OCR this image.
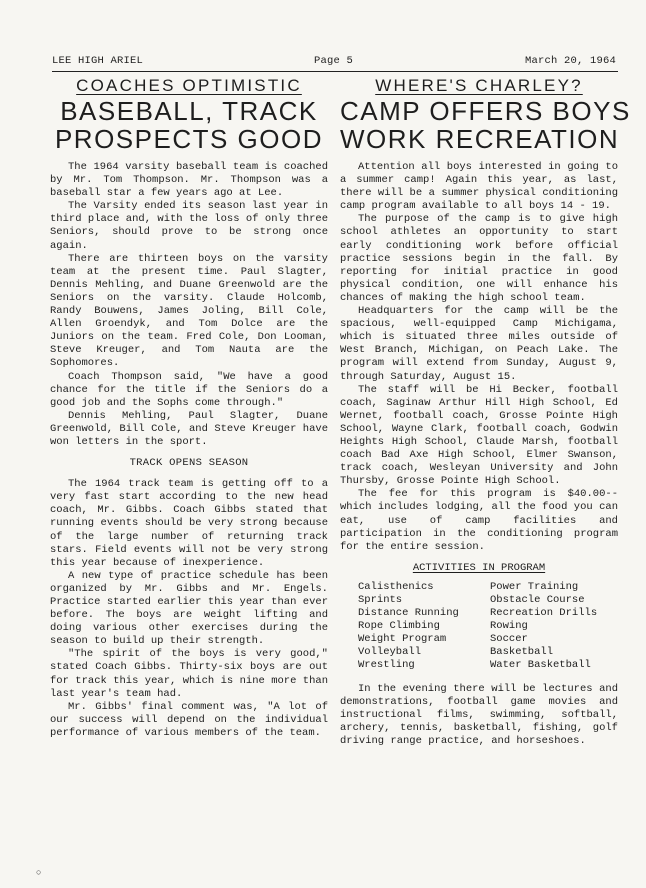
LEE HIGH ARIEL	Page 5	March 20, 1964
COACHES OPTIMISTIC
BASEBALL, TRACK
PROSPECTS GOOD

The 1964 varsity baseball team is coached by Mr. Tom Thompson. Mr. Thompson was a baseball star a few years ago at Lee.

The Varsity ended its season last year in third place and, with the loss of only three Seniors, should prove to be strong once again.

There are thirteen boys on the varsity team at the present time. Paul Slagter, Dennis Mehling, and Duane Greenwold are the Seniors on the varsity. Claude Holcomb, Randy Bouwens, James Joling, Bill Cole, Allen Groendyk, and Tom Dolce are the Juniors on the team. Fred Cole, Don Looman, Steve Kreuger, and Tom Nauta are the Sophomores.

Coach Thompson said, "We have a good chance for the title if the Seniors do a good job and the Sophs come through."

Dennis Mehling, Paul Slagter, Duane Greenwold, Bill Cole, and Steve Kreuger have won letters in the sport.

TRACK OPENS SEASON

The 1964 track team is getting off to a very fast start according to the new head coach, Mr. Gibbs. Coach Gibbs stated that running events should be very strong because of the large number of returning track stars. Field events will not be very strong this year because of inexperience.

A new type of practice schedule has been organized by Mr. Gibbs and Mr. Engels. Practice started earlier this year than ever before. The boys are weight lifting and doing various other exercises during the season to build up their strength.

"The spirit of the boys is very good," stated Coach Gibbs. Thirty-six boys are out for track this year, which is nine more than last year's team had.

Mr. Gibbs' final comment was, "A lot of our success will depend on the individual performance of various members of the team.

WHERE'S CHARLEY?
CAMP OFFERS BOYS
WORK RECREATION

Attention all boys interested in going to a summer camp! Again this year, as last, there will be a summer physical conditioning camp program available to all boys 14 - 19.

The purpose of the camp is to give high school athletes an opportunity to start early conditioning work before official practice sessions begin in the fall. By reporting for initial practice in good physical condition, one will enhance his chances of making the high school team.

Headquarters for the camp will be the spacious, well-equipped Camp Michigama, which is situated three miles outside of West Branch, Michigan, on Peach Lake. The program will extend from Sunday, August 9, through Saturday, August 15.

The staff will be Hi Becker, football coach, Saginaw Arthur Hill High School, Ed Wernet, football coach, Grosse Pointe High School, Wayne Clark, football coach, Godwin Heights High School, Claude Marsh, football coach Bad Axe High School, Elmer Swanson, track coach, Wesleyan University and John Thursby, Grosse Pointe High School.

The fee for this program is $40.00-- which includes lodging, all the food you can eat, use of camp facilities and participation in the conditioning program for the entire session.

ACTIVITIES IN PROGRAM
Calisthenics	Power Training
Sprints	Obstacle Course
Distance Running	Recreation Drills
Rope Climbing	Rowing
Weight Program	Soccer
Volleyball	Basketball
Wrestling	Water Basketball

In the evening there will be lectures and demonstrations, football game movies and instructional films, swimming, softball, archery, tennis, basketball, fishing, golf driving range practice, and horseshoes.

○
